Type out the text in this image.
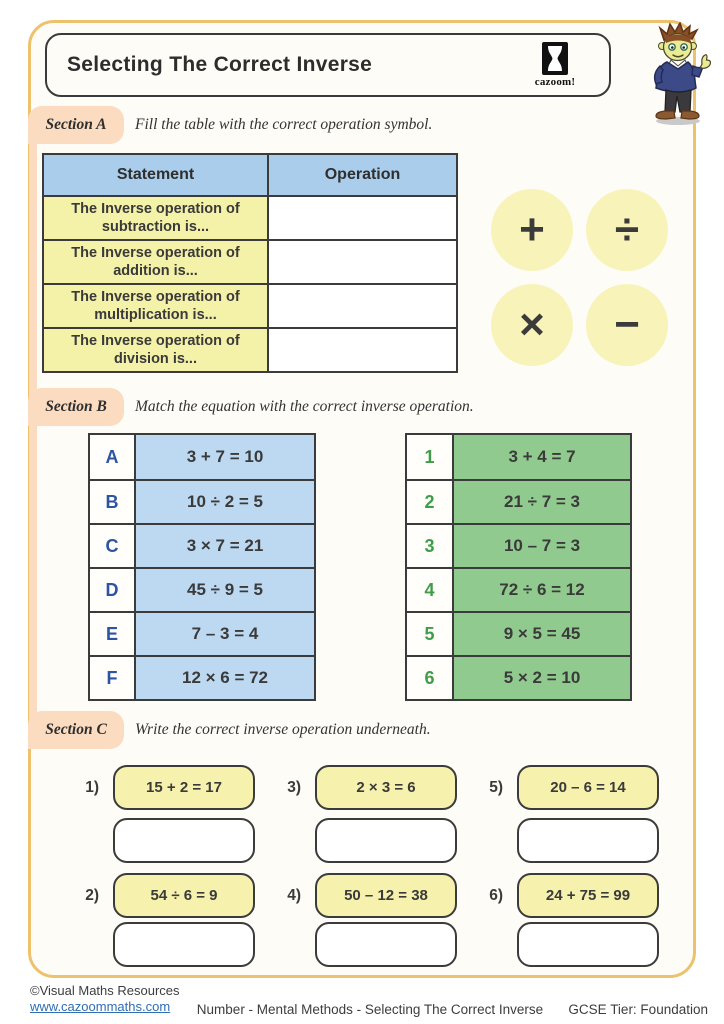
Selecting The Correct Inverse
cazoom!
Section A	Fill the table with the correct operation symbol.
Statement	Operation
The Inverse operation of
subtraction is...
The Inverse operation of
addition is...
The Inverse operation of
multiplication is...
The Inverse operation of
division is...
+	÷
×	−
Section B	Match the equation with the correct inverse operation.
A	3 + 7 = 10
B	10 ÷ 2 = 5
C	3 × 7 = 21
D	45 ÷ 9 = 5
E	7 – 3 = 4
F	12 × 6 = 72
1	3 + 4 = 7
2	21 ÷ 7 = 3
3	10 – 7 = 3
4	72 ÷ 6 = 12
5	9 × 5 = 45
6	5 × 2 = 10
Section C	Write the correct inverse operation underneath.
1)	15 + 2 = 17	3)	2 × 3 = 6	5)	20 – 6 = 14
2)	54 ÷ 6 = 9	4)	50 – 12 = 38	6)	24 + 75 = 99
©Visual Maths Resources
www.cazoommaths.com	Number - Mental Methods - Selecting The Correct Inverse	GCSE Tier: Foundation
